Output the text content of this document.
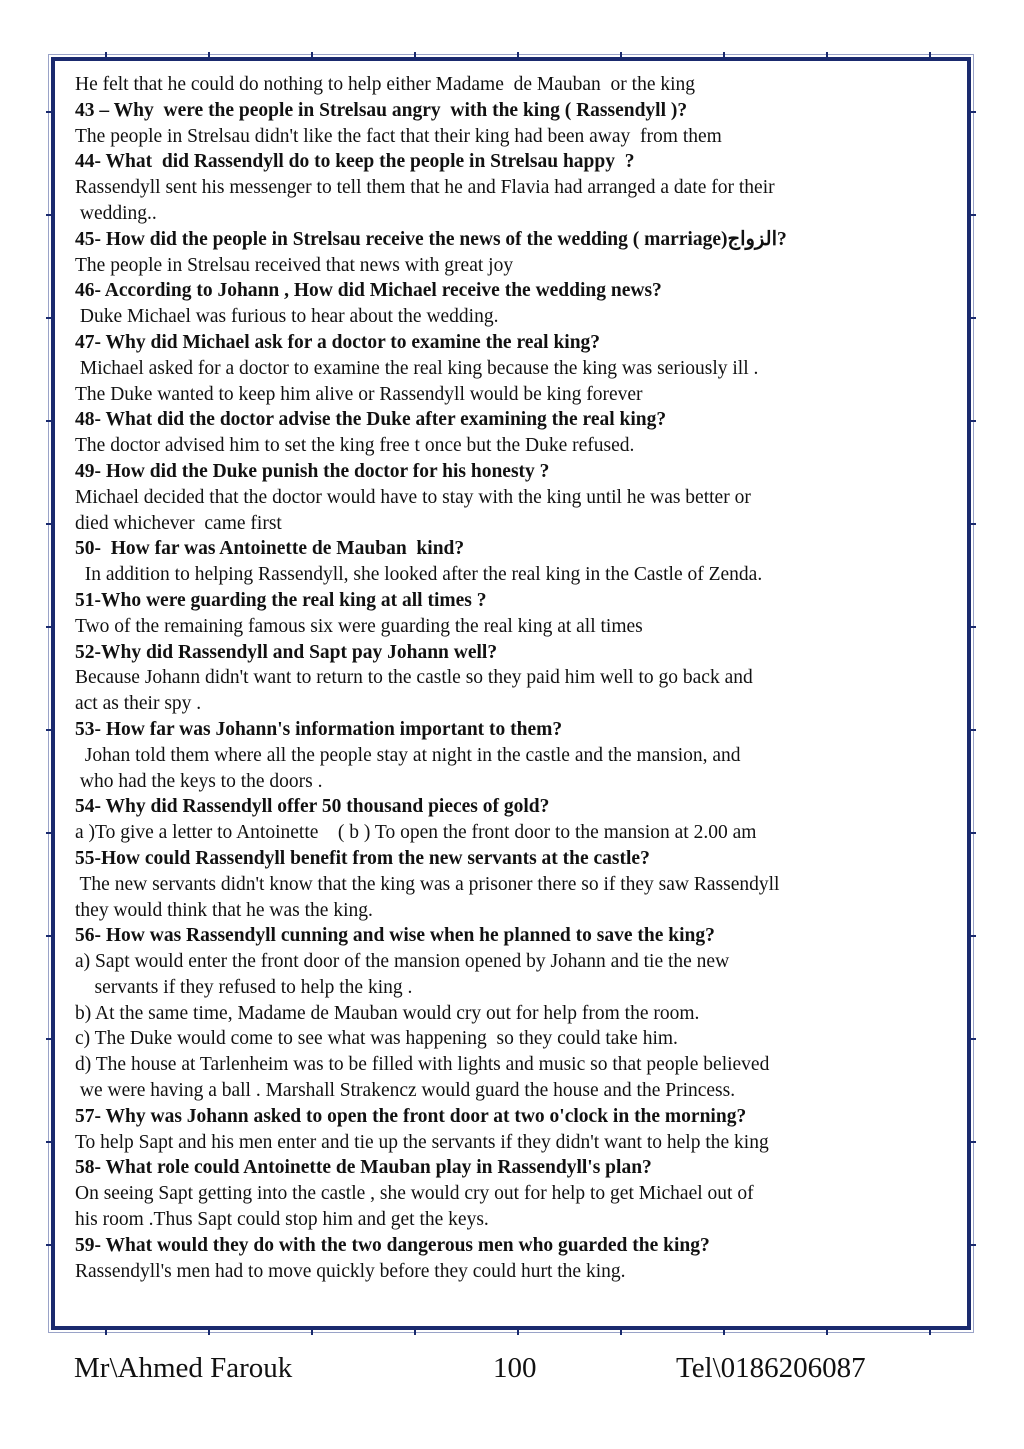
He felt that he could do nothing to help either Madame  de Mauban  or the king
43 – Why  were the people in Strelsau angry  with the king ( Rassendyll )?
The people in Strelsau didn't like the fact that their king had been away  from them
44- What  did Rassendyll do to keep the people in Strelsau happy  ?
Rassendyll sent his messenger to tell them that he and Flavia had arranged a date for their
wedding..
45- How did the people in Strelsau receive the news of the wedding ( marriage)الزواج?
The people in Strelsau received that news with great joy
46- According to Johann , How did Michael receive the wedding news?
Duke Michael was furious to hear about the wedding.
47- Why did Michael ask for a doctor to examine the real king?
Michael asked for a doctor to examine the real king because the king was seriously ill .
The Duke wanted to keep him alive or Rassendyll would be king forever
48- What did the doctor advise the Duke after examining the real king?
The doctor advised him to set the king free t once but the Duke refused.
49- How did the Duke punish the doctor for his honesty ?
Michael decided that the doctor would have to stay with the king until he was better or
died whichever  came first
50-  How far was Antoinette de Mauban  kind?
In addition to helping Rassendyll, she looked after the real king in the Castle of Zenda.
51-Who were guarding the real king at all times ?
Two of the remaining famous six were guarding the real king at all times
52-Why did Rassendyll and Sapt pay Johann well?
Because Johann didn't want to return to the castle so they paid him well to go back and
act as their spy .
53- How far was Johann's information important to them?
Johan told them where all the people stay at night in the castle and the mansion, and
who had the keys to the doors .
54- Why did Rassendyll offer 50 thousand pieces of gold?
a )To give a letter to Antoinette    ( b ) To open the front door to the mansion at 2.00 am
55-How could Rassendyll benefit from the new servants at the castle?
The new servants didn't know that the king was a prisoner there so if they saw Rassendyll
they would think that he was the king.
56- How was Rassendyll cunning and wise when he planned to save the king?
a) Sapt would enter the front door of the mansion opened by Johann and tie the new
servants if they refused to help the king .
b) At the same time, Madame de Mauban would cry out for help from the room.
c) The Duke would come to see what was happening  so they could take him.
d) The house at Tarlenheim was to be filled with lights and music so that people believed
we were having a ball . Marshall Strakencz would guard the house and the Princess.
57- Why was Johann asked to open the front door at two o'clock in the morning?
To help Sapt and his men enter and tie up the servants if they didn't want to help the king
58- What role could Antoinette de Mauban play in Rassendyll's plan?
On seeing Sapt getting into the castle , she would cry out for help to get Michael out of
his room .Thus Sapt could stop him and get the keys.
59- What would they do with the two dangerous men who guarded the king?
Rassendyll's men had to move quickly before they could hurt the king.
Mr\Ahmed Farouk	100	Tel\0186206087
